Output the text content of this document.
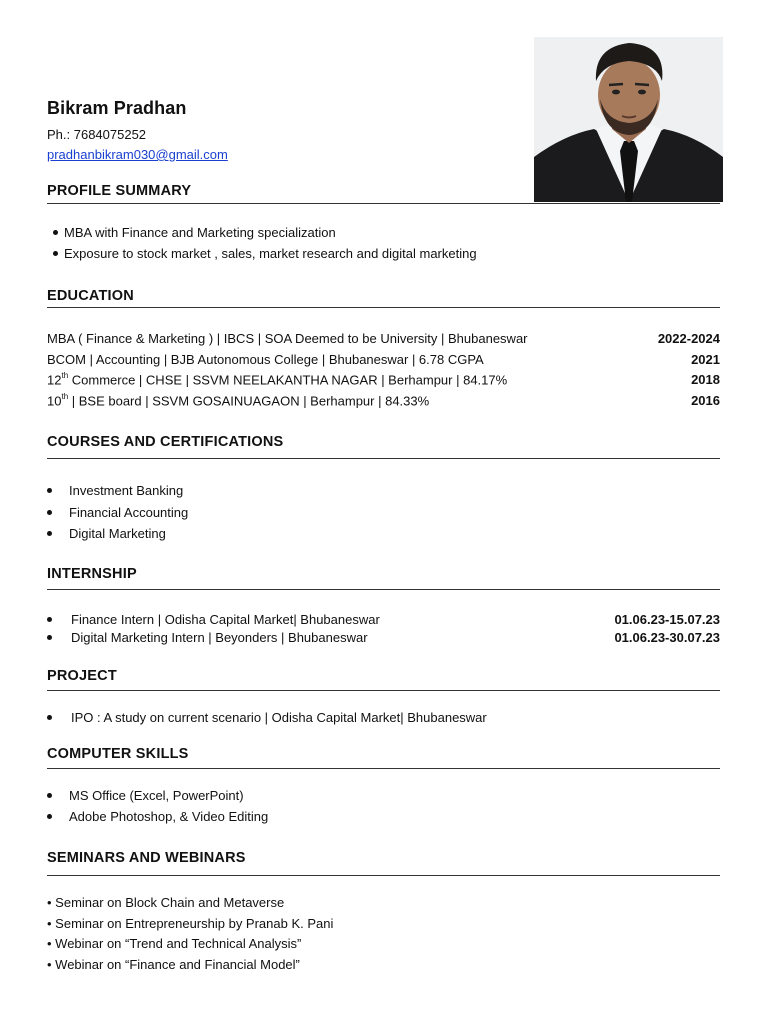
Bikram Pradhan
Ph.: 7684075252
pradhanbikram030@gmail.com
PROFILE SUMMARY
MBA with Finance and Marketing specialization
Exposure to stock market , sales, market research and digital marketing
EDUCATION
MBA ( Finance & Marketing ) | IBCS | SOA Deemed to be University | Bhubaneswar	2022-2024
BCOM | Accounting | BJB Autonomous College | Bhubaneswar | 6.78 CGPA	2021
12th Commerce | CHSE | SSVM NEELAKANTHA NAGAR | Berhampur | 84.17%	2018
10th | BSE board | SSVM GOSAINUAGAON | Berhampur | 84.33%	2016
COURSES AND CERTIFICATIONS
Investment Banking
Financial Accounting
Digital Marketing
INTERNSHIP
Finance Intern | Odisha Capital Market| Bhubaneswar	01.06.23-15.07.23
Digital Marketing Intern | Beyonders | Bhubaneswar	01.06.23-30.07.23
PROJECT
IPO : A study on current scenario | Odisha Capital Market| Bhubaneswar
COMPUTER SKILLS
MS Office (Excel, PowerPoint)
Adobe Photoshop, & Video Editing
SEMINARS AND WEBINARS
• Seminar on Block Chain and Metaverse
• Seminar on Entrepreneurship by Pranab K. Pani
• Webinar on “Trend and Technical Analysis”
• Webinar on “Finance and Financial Model”
